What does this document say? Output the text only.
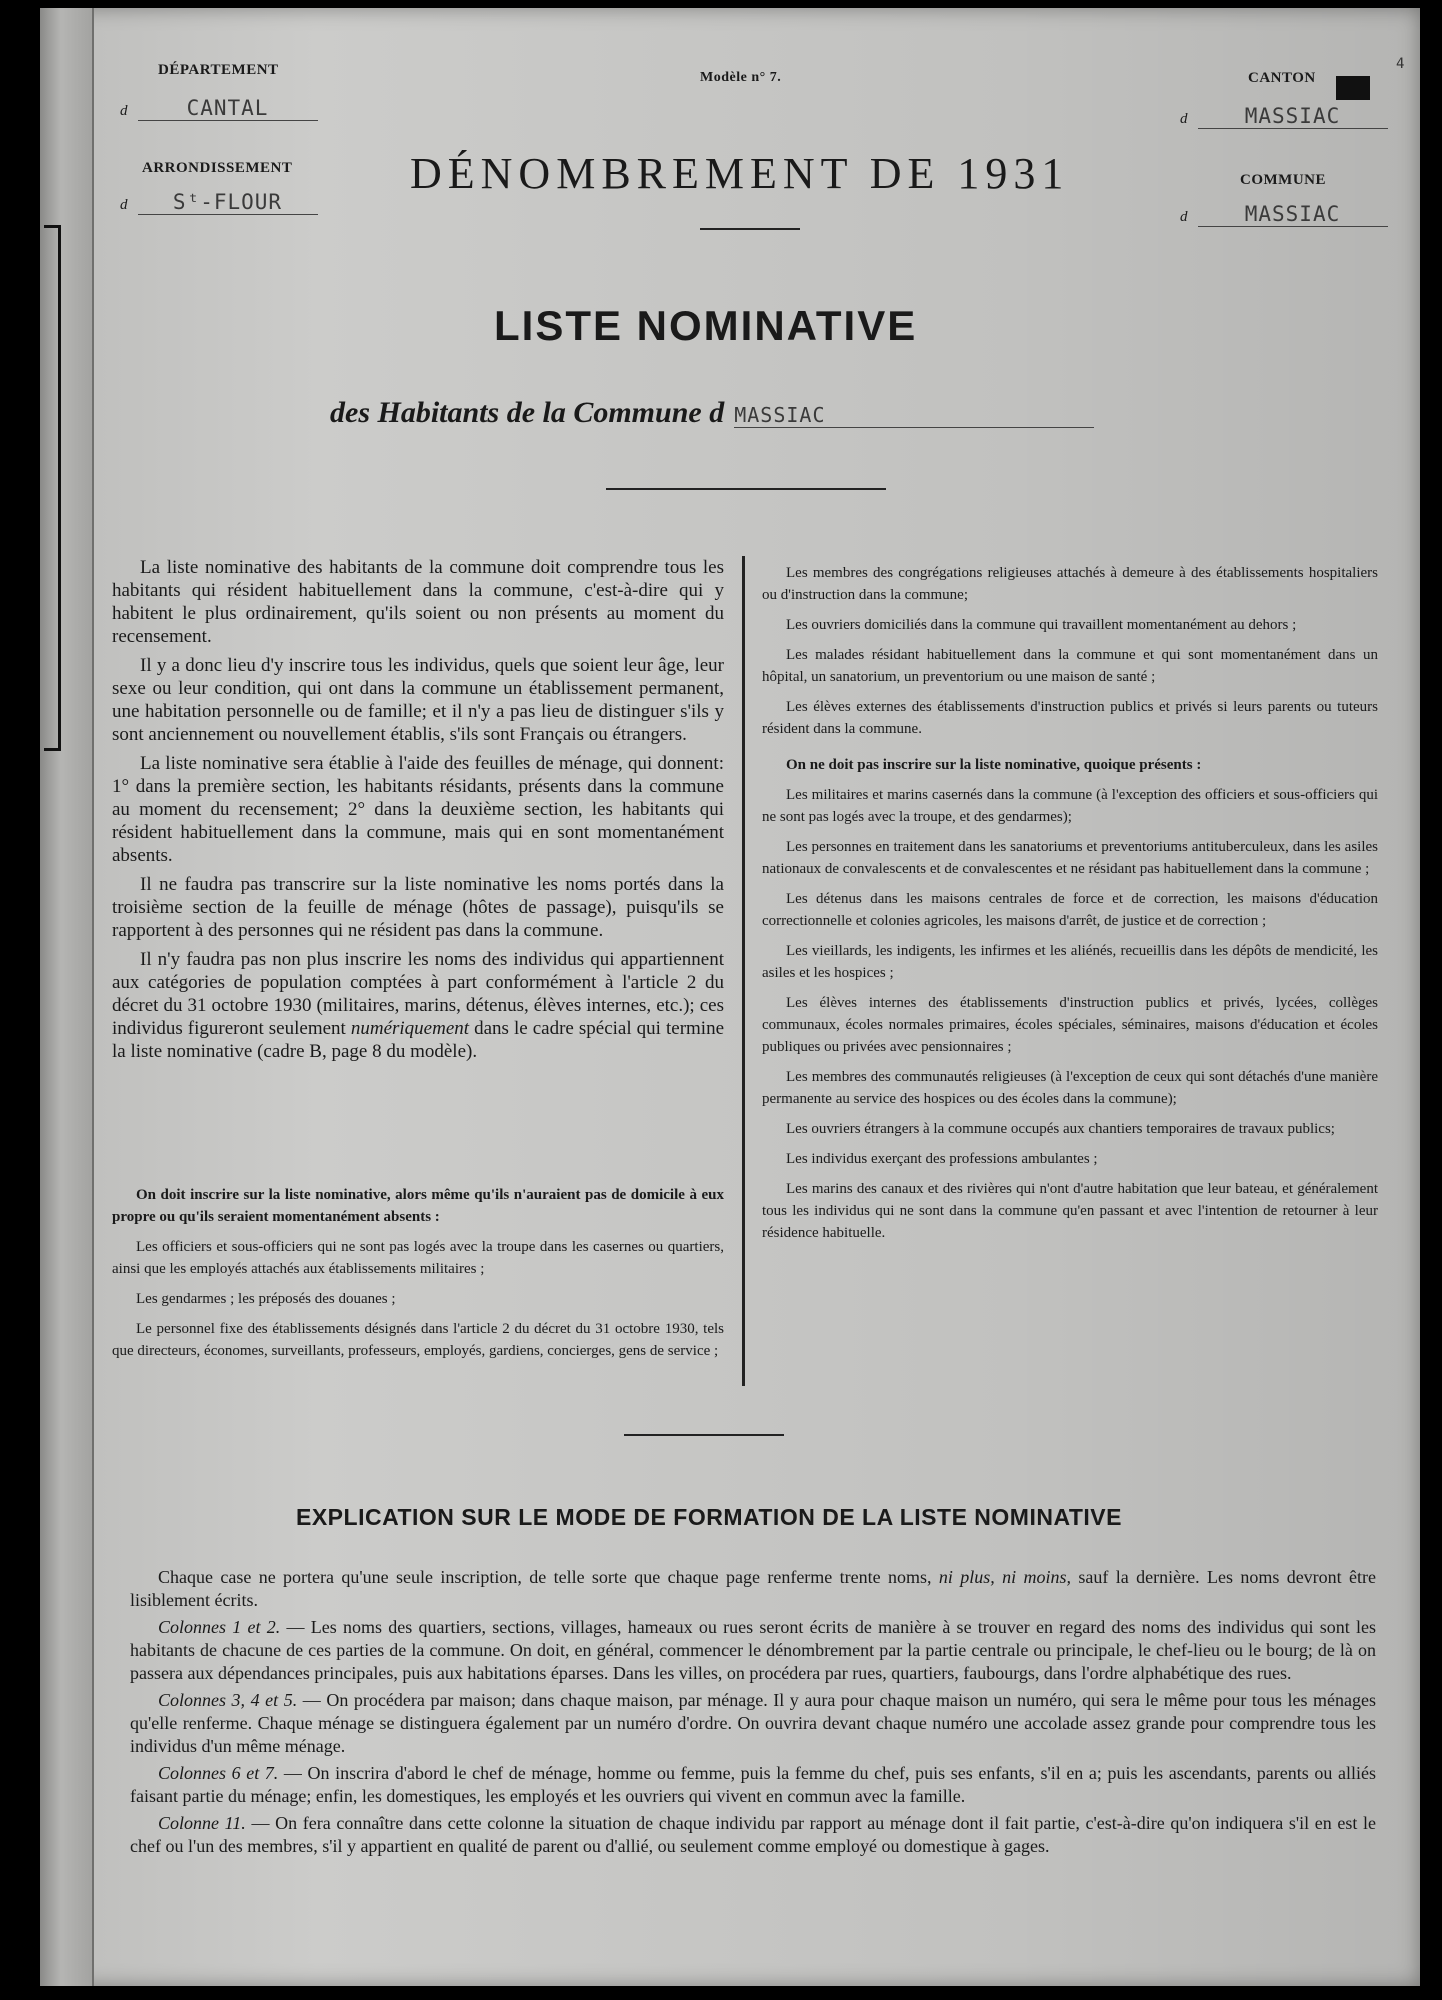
DÉPARTEMENT
d	CANTAL
ARRONDISSEMENT
d Sᵗ-FLOUR
Modèle n° 7.
DÉNOMBREMENT DE 1931
CANTON
4
d	MASSIAC
COMMUNE
d	MASSIAC
LISTE NOMINATIVE
des Habitants de la Commune d MASSIAC

La liste nominative des habitants de la commune doit comprendre tous les habitants qui résident habituellement dans la commune, c'est-à-dire qui y habitent le plus ordinairement, qu'ils soient ou non présents au moment du recensement.

Il y a donc lieu d'y inscrire tous les individus, quels que soient leur âge, leur sexe ou leur condition, qui ont dans la commune un établissement permanent, une habitation personnelle ou de famille; et il n'y a pas lieu de distinguer s'ils y sont anciennement ou nouvellement établis, s'ils sont Français ou étrangers.

La liste nominative sera établie à l'aide des feuilles de ménage, qui donnent: 1° dans la première section, les habitants résidants, présents dans la commune au moment du recensement; 2° dans la deuxième section, les habitants qui résident habituellement dans la commune, mais qui en sont momentanément absents.

Il ne faudra pas transcrire sur la liste nominative les noms portés dans la troisième section de la feuille de ménage (hôtes de passage), puisqu'ils se rapportent à des personnes qui ne résident pas dans la commune.

Il n'y faudra pas non plus inscrire les noms des individus qui appartiennent aux catégories de population comptées à part conformément à l'article 2 du décret du 31 octobre 1930 (militaires, marins, détenus, élèves internes, etc.); ces individus figureront seulement numériquement dans le cadre spécial qui termine la liste nominative (cadre B, page 8 du modèle).

On doit inscrire sur la liste nominative, alors même qu'ils n'auraient pas de domicile à eux propre ou qu'ils seraient momentanément absents :

Les officiers et sous-officiers qui ne sont pas logés avec la troupe dans les casernes ou quartiers, ainsi que les employés attachés aux établissements militaires ;

Les gendarmes ; les préposés des douanes ;

Le personnel fixe des établissements désignés dans l'article 2 du décret du 31 octobre 1930, tels que directeurs, économes, surveillants, professeurs, employés, gardiens, concierges, gens de service ;

Les membres des congrégations religieuses attachés à demeure à des établissements hospitaliers ou d'instruction dans la commune;

Les ouvriers domiciliés dans la commune qui travaillent momentanément au dehors ;

Les malades résidant habituellement dans la commune et qui sont momentanément dans un hôpital, un sanatorium, un preventorium ou une maison de santé ;

Les élèves externes des établissements d'instruction publics et privés si leurs parents ou tuteurs résident dans la commune.

On ne doit pas inscrire sur la liste nominative, quoique présents :

Les militaires et marins casernés dans la commune (à l'exception des officiers et sous-officiers qui ne sont pas logés avec la troupe, et des gendarmes);

Les personnes en traitement dans les sanatoriums et preventoriums antituberculeux, dans les asiles nationaux de convalescents et de convalescentes et ne résidant pas habituellement dans la commune ;

Les détenus dans les maisons centrales de force et de correction, les maisons d'éducation correctionnelle et colonies agricoles, les maisons d'arrêt, de justice et de correction ;

Les vieillards, les indigents, les infirmes et les aliénés, recueillis dans les dépôts de mendicité, les asiles et les hospices ;

Les élèves internes des établissements d'instruction publics et privés, lycées, collèges communaux, écoles normales primaires, écoles spéciales, séminaires, maisons d'éducation et écoles publiques ou privées avec pensionnaires ;

Les membres des communautés religieuses (à l'exception de ceux qui sont détachés d'une manière permanente au service des hospices ou des écoles dans la commune);

Les ouvriers étrangers à la commune occupés aux chantiers temporaires de travaux publics;

Les individus exerçant des professions ambulantes ;

Les marins des canaux et des rivières qui n'ont d'autre habitation que leur bateau, et généralement tous les individus qui ne sont dans la commune qu'en passant et avec l'intention de retourner à leur résidence habituelle.

EXPLICATION SUR LE MODE DE FORMATION DE LA LISTE NOMINATIVE

Chaque case ne portera qu'une seule inscription, de telle sorte que chaque page renferme trente noms, ni plus, ni moins, sauf la dernière. Les noms devront être lisiblement écrits.

Colonnes 1 et 2. — Les noms des quartiers, sections, villages, hameaux ou rues seront écrits de manière à se trouver en regard des noms des individus qui sont les habitants de chacune de ces parties de la commune. On doit, en général, commencer le dénombrement par la partie centrale ou principale, le chef-lieu ou le bourg; de là on passera aux dépendances principales, puis aux habitations éparses. Dans les villes, on procédera par rues, quartiers, faubourgs, dans l'ordre alphabétique des rues.

Colonnes 3, 4 et 5. — On procédera par maison; dans chaque maison, par ménage. Il y aura pour chaque maison un numéro, qui sera le même pour tous les ménages qu'elle renferme. Chaque ménage se distinguera également par un numéro d'ordre. On ouvrira devant chaque numéro une accolade assez grande pour comprendre tous les individus d'un même ménage.

Colonnes 6 et 7. — On inscrira d'abord le chef de ménage, homme ou femme, puis la femme du chef, puis ses enfants, s'il en a; puis les ascendants, parents ou alliés faisant partie du ménage; enfin, les domestiques, les employés et les ouvriers qui vivent en commun avec la famille.

Colonne 11. — On fera connaître dans cette colonne la situation de chaque individu par rapport au ménage dont il fait partie, c'est-à-dire qu'on indiquera s'il en est le chef ou l'un des membres, s'il y appartient en qualité de parent ou d'allié, ou seulement comme employé ou domestique à gages.
